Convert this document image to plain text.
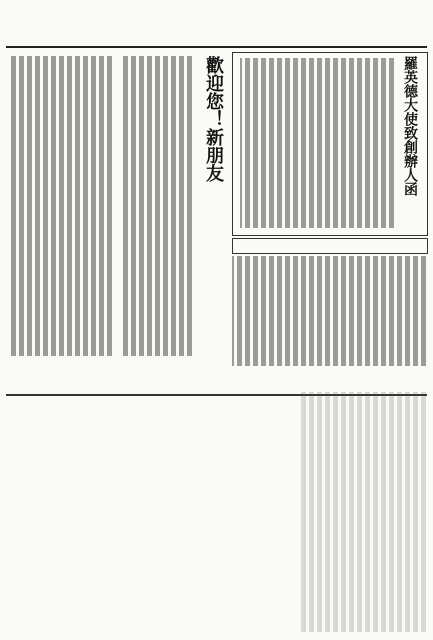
羅英德大使致創辦人函
歡迎您！新朋友
